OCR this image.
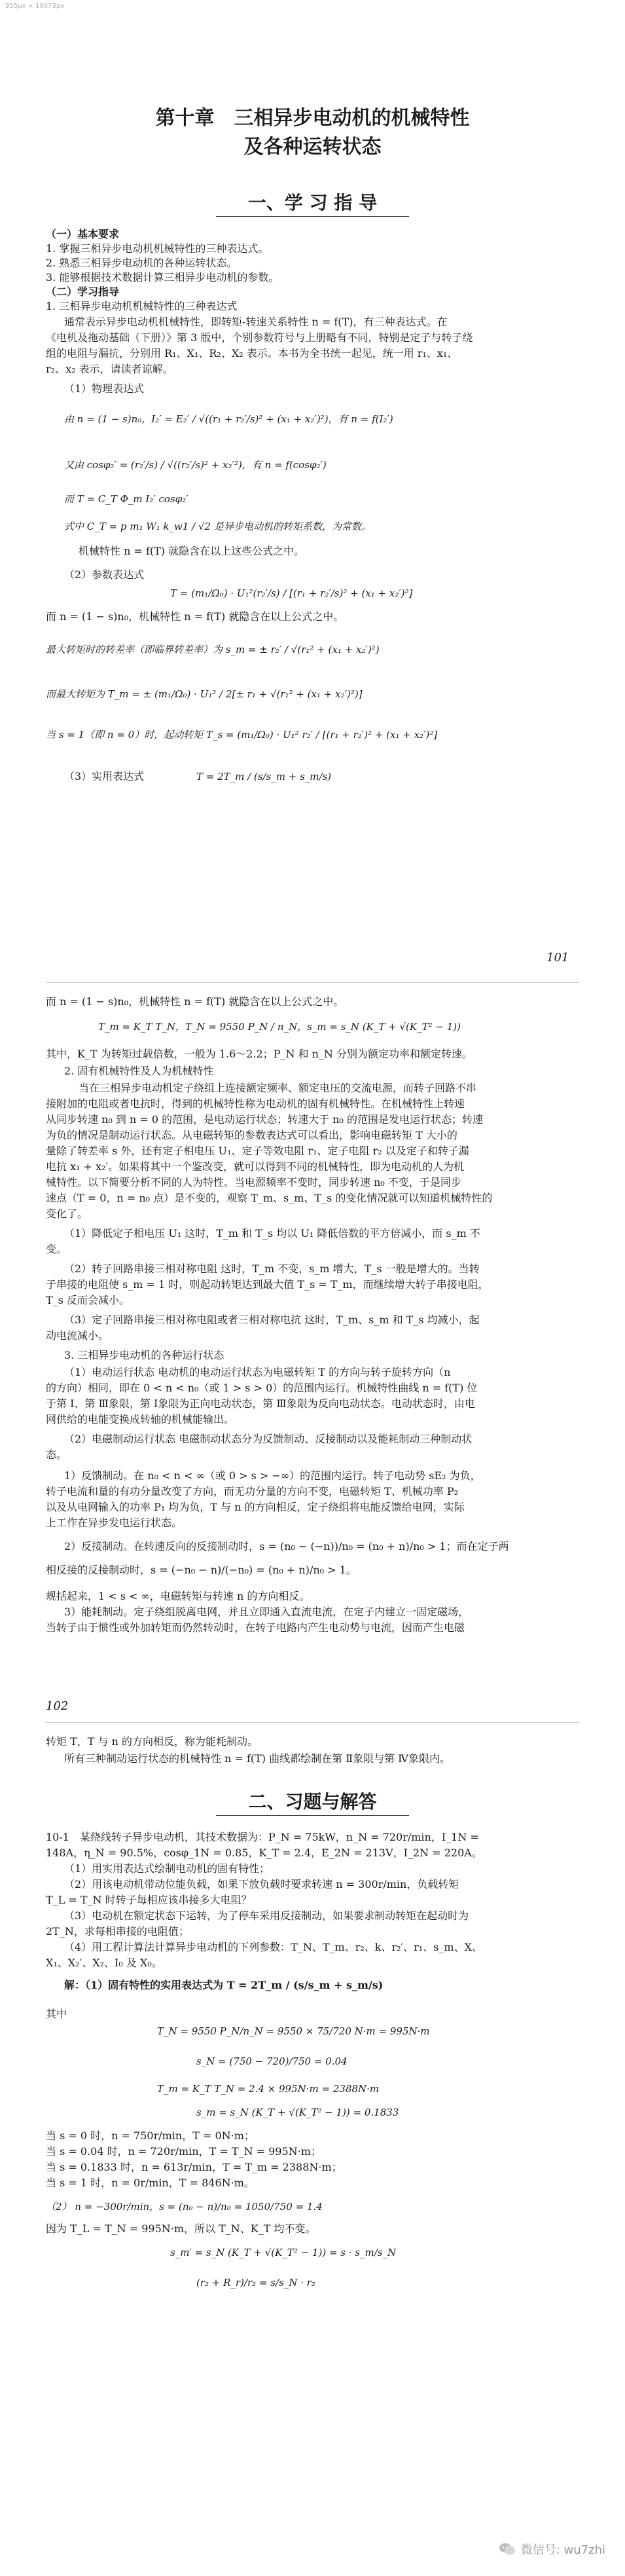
955px × 19673px
第十章　三相异步电动机的机械特性
及各种运转状态
一、学 习 指 导
（一）基本要求
1. 掌握三相异步电动机机械特性的三种表达式。
2. 熟悉三相异步电动机的各种运转状态。
3. 能够根据技术数据计算三相异步电动机的参数。
（二）学习指导
1. 三相异步电动机机械特性的三种表达式
通常表示异步电动机机械特性，即转矩-转速关系特性 n = f(T)，有三种表达式。在
《电机及拖动基础（下册）》第 3 版中，个别参数符号与上册略有不同，特别是定子与转子绕
组的电阻与漏抗，分别用 R₁、X₁、R₂、X₂ 表示。本书为全书统一起见，统一用 r₁、x₁、
r₂、x₂ 表示，请读者谅解。
（1）物理表达式
由 n = (1 − s)n₀，I₂′ = E₂′ / √((r₁ + r₂′/s)² + (x₁ + x₂′)²)，有 n = f(I₂′)
又由 cosφ₂′ = (r₂′/s) / √((r₂′/s)² + x₂′²)，有 n = f(cosφ₂′)
而 T = C_T Φ_m I₂′ cosφ₂′
式中 C_T = p m₁ W₁ k_w1 / √2 是异步电动机的转矩系数，为常数。
机械特性 n = f(T) 就隐含在以上这些公式之中。
（2）参数表达式
T = (m₁/Ω₀) · U₁²(r₂′/s) / [(r₁ + r₂′/s)² + (x₁ + x₂′)²]
而 n = (1 − s)n₀，机械特性 n = f(T) 就隐含在以上公式之中。
最大转矩时的转差率（即临界转差率）为 s_m = ± r₂′ / √(r₁² + (x₁ + x₂′)²)
而最大转矩为 T_m = ± (m₁/Ω₀) · U₁² / 2[± r₁ + √(r₁² + (x₁ + x₂′)²)]
当 s = 1（即 n = 0）时，起动转矩 T_s = (m₁/Ω₀) · U₁² r₂′ / [(r₁ + r₂′)² + (x₁ + x₂′)²]
（3）实用表达式	T = 2T_m / (s/s_m + s_m/s)
101
而 n = (1 − s)n₀，机械特性 n = f(T) 就隐含在以上公式之中。
T_m = K_T T_N，T_N = 9550 P_N / n_N，s_m = s_N (K_T + √(K_T² − 1))
其中，K_T 为转矩过载倍数，一般为 1.6～2.2；P_N 和 n_N 分别为额定功率和额定转速。
2. 固有机械特性及人为机械特性
当在三相异步电动机定子绕组上连接额定频率、额定电压的交流电源，而转子回路不串
接附加的电阻或者电抗时，得到的机械特性称为电动机的固有机械特性。在机械特性上转速
从同步转速 n₀ 到 n = 0 的范围，是电动运行状态；转速大于 n₀ 的范围是发电运行状态；转速
为负的情况是制动运行状态。从电磁转矩的参数表达式可以看出，影响电磁转矩 T 大小的
量除了转差率 s 外，还有定子相电压 U₁、定子等效电阻 r₁、定子电阻 r₂ 以及定子和转子漏
电抗 x₁ + x₂′。如果将其中一个鉴改变，就可以得到不同的机械特性，即为电动机的人为机
械特性。以下简要分析不同的人为特性。当电源频率不变时，同步转速 n₀ 不变，于是同步
速点（T = 0，n = n₀ 点）是不变的，观察 T_m、s_m、T_s 的变化情况就可以知道机械特性的
变化了。
（1）降低定子相电压 U₁ 这时，T_m 和 T_s 均以 U₁ 降低倍数的平方倍减小，而 s_m 不
变。
（2）转子回路串接三相对称电阻 这时，T_m 不变，s_m 增大，T_s 一般是增大的。当转
子串接的电阻使 s_m = 1 时，则起动转矩达到最大值 T_s = T_m，而继续增大转子串接电阻，
T_s 反而会减小。
（3）定子回路串接三相对称电阻或者三相对称电抗 这时，T_m、s_m 和 T_s 均减小，起
动电流减小。
3. 三相异步电动机的各种运行状态
（1）电动运行状态 电动机的电动运行状态为电磁转矩 T 的方向与转子旋转方向（n
的方向）相同，即在 0 < n < n₀（或 1 > s > 0）的范围内运行。机械特性曲线 n = f(T) 位
于第 Ⅰ、第 Ⅲ象限，第 Ⅰ象限为正向电动状态，第 Ⅲ象限为反向电动状态。电动状态时，由电
网供给的电能变换成转轴的机械能输出。
（2）电磁制动运行状态 电磁制动状态分为反馈制动、反接制动以及能耗制动三种制动状
态。
1）反馈制动。在 n₀ < n < ∞（或 0 > s > −∞）的范围内运行。转子电动势 sE₂ 为负，
转子电流和量的有功分量改变了方向，而无功分量的方向不变，电磁转矩 T、机械功率 P₂
以及从电网输入的功率 P₁ 均为负，T 与 n 的方向相反，定子绕组将电能反馈给电网，实际
上工作在异步发电运行状态。
2）反接制动。在转速反向的反接制动时，s = (n₀ − (−n))/n₀ = (n₀ + n)/n₀ > 1；而在定子两
相反接的反接制动时，s = (−n₀ − n)/(−n₀) = (n₀ + n)/n₀ > 1。
规括起来，1 < s < ∞，电磁转矩与转速 n 的方向相反。
3）能耗制动。定子绕组脱离电网，并且立即通入直流电流，在定子内建立一固定磁场，
当转子由于惯性或外加转矩而仍然转动时，在转子电路内产生电动势与电流，因而产生电磁
102
转矩 T，T 与 n 的方向相反，称为能耗制动。
所有三种制动运行状态的机械特性 n = f(T) 曲线都绘制在第 Ⅱ象限与第 Ⅳ象限内。
二、习题与解答
10-1　某绕线转子异步电动机，其技术数据为：P_N = 75kW，n_N = 720r/min，I_1N =
148A，η_N = 90.5%，cosφ_1N = 0.85，K_T = 2.4，E_2N = 213V，I_2N = 220A。
（1）用实用表达式绘制电动机的固有特性；
（2）用该电动机带动位能负载，如果下放负载时要求转速 n = 300r/min，负载转矩
T_L = T_N 时转子每相应该串接多大电阻？
（3）电动机在额定状态下运转，为了停车采用反接制动，如果要求制动转矩在起动时为
2T_N，求每相串接的电阻值；
（4）用工程计算法计算异步电动机的下列参数：T_N、T_m、r₂、k、r₂′、r₁、s_m、X、
X₁、X₂′、X₂、I₀ 及 X₀。
解：（1）固有特性的实用表达式为 T = 2T_m / (s/s_m + s_m/s)
其中
T_N = 9550 P_N/n_N = 9550 × 75/720 N·m = 995N·m
s_N = (750 − 720)/750 = 0.04
T_m = K_T T_N = 2.4 × 995N·m = 2388N·m
s_m = s_N (K_T + √(K_T² − 1)) = 0.1833
当 s = 0 时，n = 750r/min，T = 0N·m；
当 s = 0.04 时，n = 720r/min，T = T_N = 995N·m；
当 s = 0.1833 时，n = 613r/min，T = T_m = 2388N·m；
当 s = 1 时，n = 0r/min，T = 846N·m。
（2） n = −300r/min，s = (n₀ − n)/n₀ = 1050/750 = 1.4
因为 T_L = T_N = 995N·m，所以 T_N、K_T 均不变。
s_m′ = s_N (K_T + √(K_T² − 1)) = s · s_m/s_N
(r₂ + R_r)/r₂ = s/s_N · r₂
微信号: wu7zhi
